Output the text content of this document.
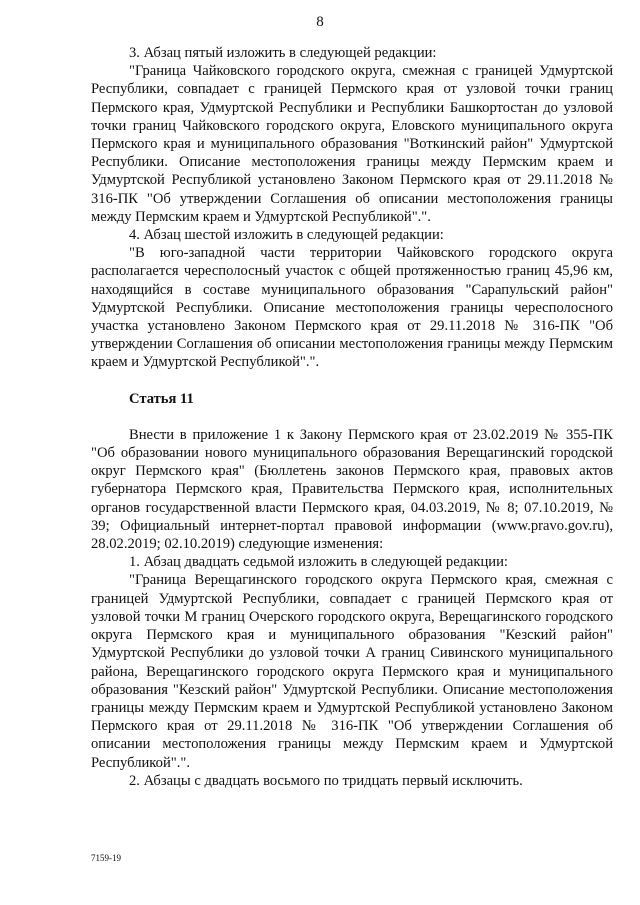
8

3. Абзац пятый изложить в следующей редакции:

"Граница Чайковского городского округа, смежная с границей Удмуртской Республики, совпадает с границей Пермского края от узловой точки границ Пермского края, Удмуртской Республики и Республики Башкортостан до узловой точки границ Чайковского городского округа, Еловского муниципального округа Пермского края и муниципального образования "Воткинский район" Удмуртской Республики. Описание местоположения границы между Пермским краем и Удмуртской Республикой установлено Законом Пермского края от 29.11.2018 № 316-ПК "Об утверждении Соглашения об описании местоположения границы между Пермским краем и Удмуртской Республикой".".

4. Абзац шестой изложить в следующей редакции:

"В юго-западной части территории Чайковского городского округа располагается чересполосный участок с общей протяженностью границ 45,96 км, находящийся в составе муниципального образования "Сарапульский район" Удмуртской Республики. Описание местоположения границы чересполосного участка установлено Законом Пермского края от 29.11.2018 № 316-ПК "Об утверждении Соглашения об описании местоположения границы между Пермским краем и Удмуртской Республикой".".

Статья 11

Внести в приложение 1 к Закону Пермского края от 23.02.2019 № 355-ПК "Об образовании нового муниципального образования Верещагинский городской округ Пермского края" (Бюллетень законов Пермского края, правовых актов губернатора Пермского края, Правительства Пермского края, исполнительных органов государственной власти Пермского края, 04.03.2019, № 8; 07.10.2019, № 39; Официальный интернет-портал правовой информации (www.pravo.gov.ru), 28.02.2019; 02.10.2019) следующие изменения:

1. Абзац двадцать седьмой изложить в следующей редакции:

"Граница Верещагинского городского округа Пермского края, смежная с границей Удмуртской Республики, совпадает с границей Пермского края от узловой точки М границ Очерского городского округа, Верещагинского городского округа Пермского края и муниципального образования "Кезский район" Удмуртской Республики до узловой точки А границ Сивинского муниципального района, Верещагинского городского округа Пермского края и муниципального образования "Кезский район" Удмуртской Республики. Описание местоположения границы между Пермским краем и Удмуртской Республикой установлено Законом Пермского края от 29.11.2018 № 316-ПК "Об утверждении Соглашения об описании местоположения границы между Пермским краем и Удмуртской Республикой".".

2. Абзацы с двадцать восьмого по тридцать первый исключить.

7159-19
